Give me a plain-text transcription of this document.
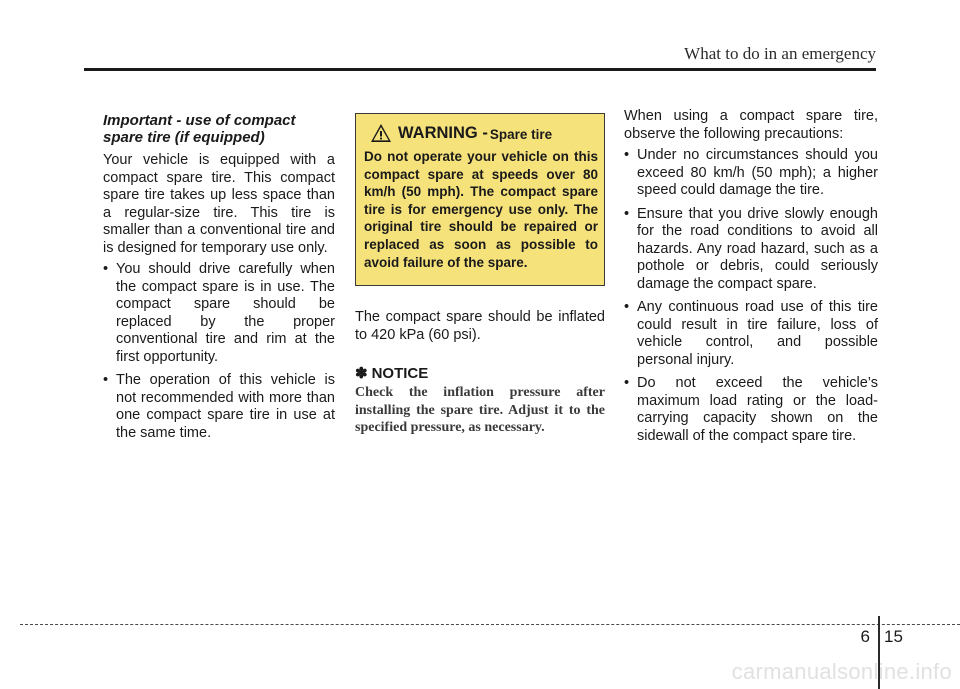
What to do in an emergency

Important - use of compact spare tire (if equipped)

Your vehicle is equipped with a compact spare tire. This compact spare tire takes up less space than a regular-size tire. This tire is smaller than a conventional tire and is designed for temporary use only.

• You should drive carefully when the compact spare is in use. The compact spare should be replaced by the proper conventional tire and rim at the first opportunity.
• The operation of this vehicle is not recommended with more than one compact spare tire in use at the same time.
WARNING - Spare tire

Do not operate your vehicle on this compact spare at speeds over 80 km/h (50 mph). The compact spare tire is for emergency use only. The original tire should be repaired or replaced as soon as possible to avoid failure of the spare.

The compact spare should be inflated to 420 kPa (60 psi).
✽ NOTICE
Check the inflation pressure after installing the spare tire. Adjust it to the specified pressure, as necessary.

When using a compact spare tire, observe the following precautions:

• Under no circumstances should you exceed 80 km/h (50 mph); a higher speed could damage the tire.
• Ensure that you drive slowly enough for the road conditions to avoid all hazards. Any road hazard, such as a pothole or debris, could seriously damage the compact spare.
• Any continuous road use of this tire could result in tire failure, loss of vehicle control, and possible personal injury.
• Do not exceed the vehicle’s maximum load rating or the load-carrying capacity shown on the sidewall of the compact spare tire.
6 15
carmanualsonline.info
